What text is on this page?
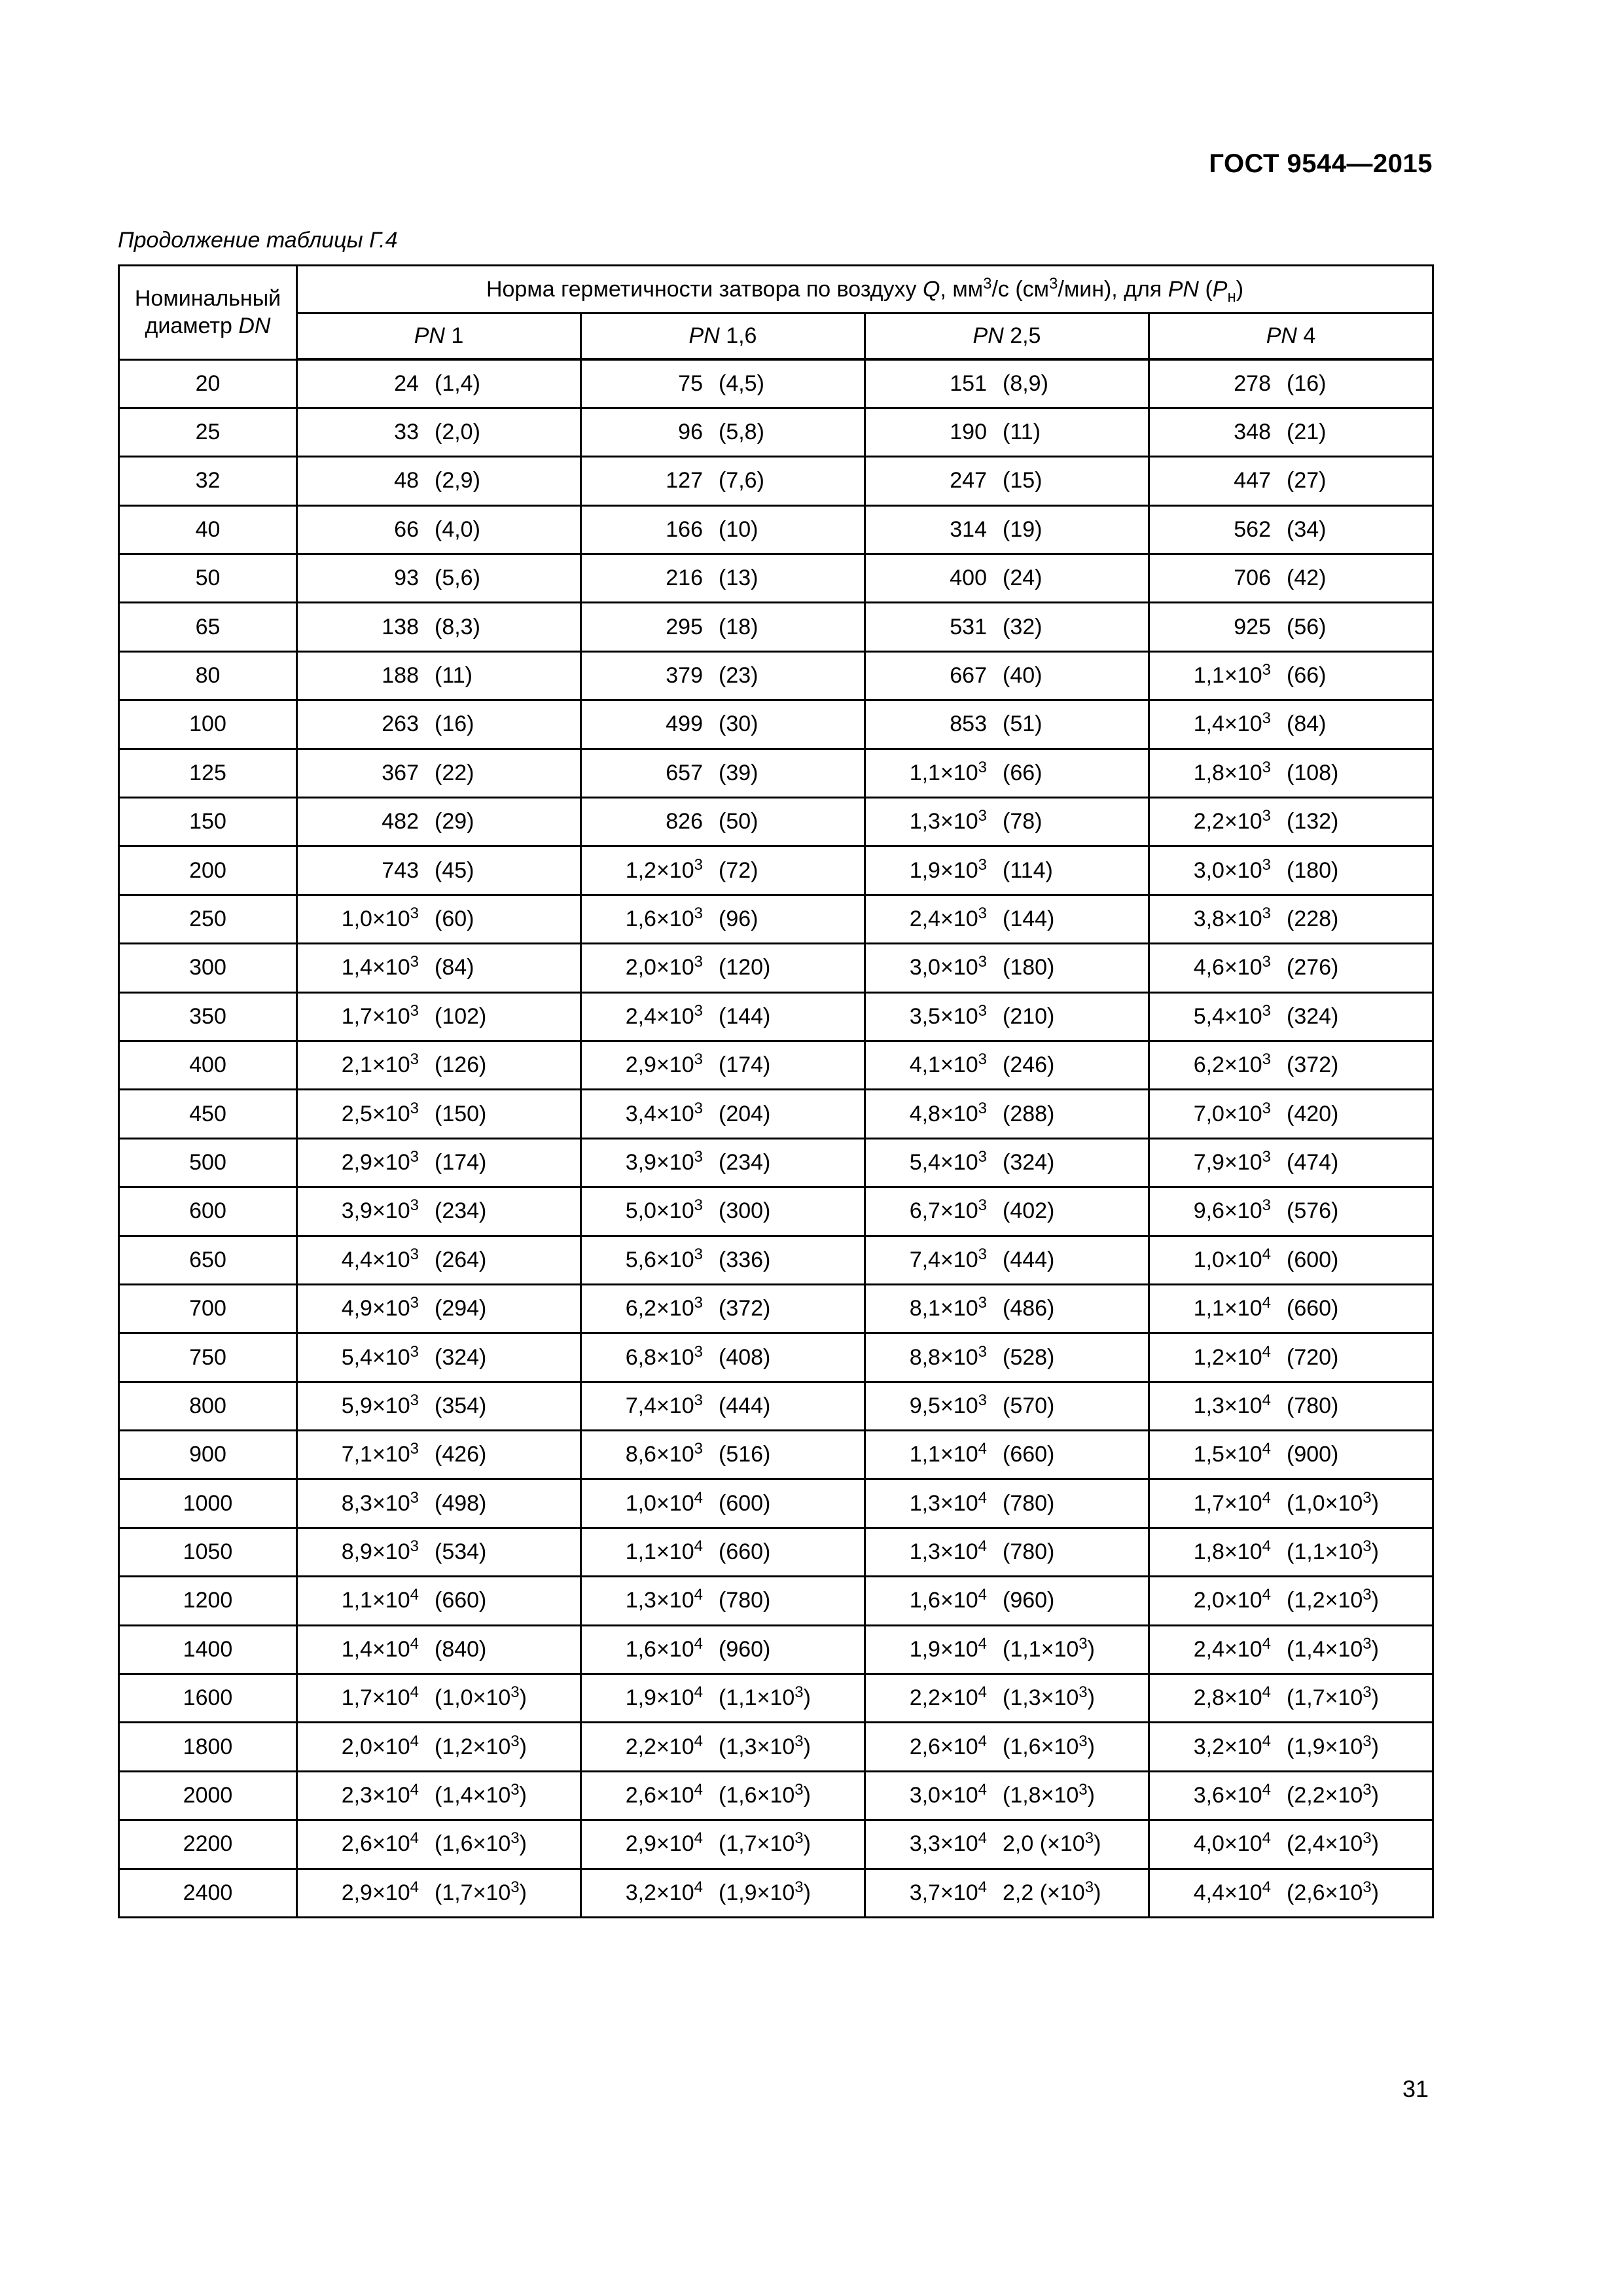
ГОСТ 9544—2015
Продолжение таблицы Г.4
Номинальный
диаметр DN	Норма герметичности затвора по воздуху Q, $мм^3/с$ $(см^3/мин)$, для PN $(P_н)$			
	PN 1	PN 1,6	PN 2,5	PN 4
20	24 (1,4)	75 (4,5)	151 (8,9)	278 (16)

25	33 (2,0)	96 (5,8)	190 (11)	348 (21)

32	48 (2,9)	127 (7,6)	247 (15)	447 (27)

40	66 (4,0)	166 (10)	314 (19)	562 (34)

50	93 (5,6)	216 (13)	400 (24)	706 (42)

65	138 (8,3)	295 (18)	531 (32)	925 (56)

80	188 (11)	379 (23)	667 (40)	$1,1\times 10^3$ (66)

100	263 (16)	499 (30)	853 (51)	$1,4\times 10^3$ (84)

125	367 (22)	657 (39)	$1,1\times 10^3$ (66)	$1,8\times 10^3$ (108)

150	482 (29)	826 (50)	$1,3\times 10^3$ (78)	$2,2\times 10^3$ (132)

200	743 (45)	$1,2\times 10^3$ (72)	$1,9\times 10^3$ (114)	$3,0\times 10^3$ (180)

250	$1,0\times 10^3$ (60)	$1,6\times 10^3$ (96)	$2,4\times 10^3$ (144)	$3,8\times 10^3$ (228)

300	$1,4\times 10^3$ (84)	$2,0\times 10^3$ (120)	$3,0\times 10^3$ (180)	$4,6\times 10^3$ (276)

350	$1,7\times 10^3$ (102)	$2,4\times 10^3$ (144)	$3,5\times 10^3$ (210)	$5,4\times 10^3$ (324)

400	$2,1\times 10^3$ (126)	$2,9\times 10^3$ (174)	$4,1\times 10^3$ (246)	$6,2\times 10^3$ (372)

450	$2,5\times 10^3$ (150)	$3,4\times 10^3$ (204)	$4,8\times 10^3$ (288)	$7,0\times 10^3$ (420)

500	$2,9\times 10^3$ (174)	$3,9\times 10^3$ (234)	$5,4\times 10^3$ (324)	$7,9\times 10^3$ (474)

600	$3,9\times 10^3$ (234)	$5,0\times 10^3$ (300)	$6,7\times 10^3$ (402)	$9,6\times 10^3$ (576)

650	$4,4\times 10^3$ (264)	$5,6\times 10^3$ (336)	$7,4\times 10^3$ (444)	$1,0\times 10^4$ (600)

700	$4,9\times 10^3$ (294)	$6,2\times 10^3$ (372)	$8,1\times 10^3$ (486)	$1,1\times 10^4$ (660)

750	$5,4\times 10^3$ (324)	$6,8\times 10^3$ (408)	$8,8\times 10^3$ (528)	$1,2\times 10^4$ (720)

800	$5,9\times 10^3$ (354)	$7,4\times 10^3$ (444)	$9,5\times 10^3$ (570)	$1,3\times 10^4$ (780)

900	$7,1\times 10^3$ (426)	$8,6\times 10^3$ (516)	$1,1\times 10^4$ (660)	$1,5\times 10^4$ (900)

1000	$8,3\times 10^3$ (498)	$1,0\times 10^4$ (600)	$1,3\times 10^4$ (780)	$1,7\times 10^4$ $(1,0\times 10^3)$

1050	$8,9\times 10^3$ (534)	$1,1\times 10^4$ (660)	$1,3\times 10^4$ (780)	$1,8\times 10^4$ $(1,1\times 10^3)$

1200	$1,1\times 10^4$ (660)	$1,3\times 10^4$ (780)	$1,6\times 10^4$ (960)	$2,0\times 10^4$ $(1,2\times 10^3)$

1400	$1,4\times 10^4$ (840)	$1,6\times 10^4$ (960)	$1,9\times 10^4$ $(1,1\times 10^3)$	$2,4\times 10^4$ $(1,4\times 10^3)$

1600	$1,7\times 10^4$ $(1,0\times 10^3)$	$1,9\times 10^4$ $(1,1\times 10^3)$	$2,2\times 10^4$ $(1,3\times 10^3)$	$2,8\times 10^4$ $(1,7\times 10^3)$

1800	$2,0\times 10^4$ $(1,2\times 10^3)$	$2,2\times 10^4$ $(1,3\times 10^3)$	$2,6\times 10^4$ $(1,6\times 10^3)$	$3,2\times 10^4$ $(1,9\times 10^3)$

2000	$2,3\times 10^4$ $(1,4\times 10^3)$	$2,6\times 10^4$ $(1,6\times 10^3)$	$3,0\times 10^4$ $(1,8\times 10^3)$	$3,6\times 10^4$ $(2,2\times 10^3)$

2200	$2,6\times 10^4$ $(1,6\times 10^3)$	$2,9\times 10^4$ $(1,7\times 10^3)$	$3,3\times 10^4$ 2,0 $(\times 10^3)$	$4,0\times 10^4$ $(2,4\times 10^3)$

2400	$2,9\times 10^4$ $(1,7\times 10^3)$	$3,2\times 10^4$ $(1,9\times 10^3)$	$3,7\times 10^4$ 2,2 $(\times 10^3)$	$4,4\times 10^4$ $(2,6\times 10^3)$
31
